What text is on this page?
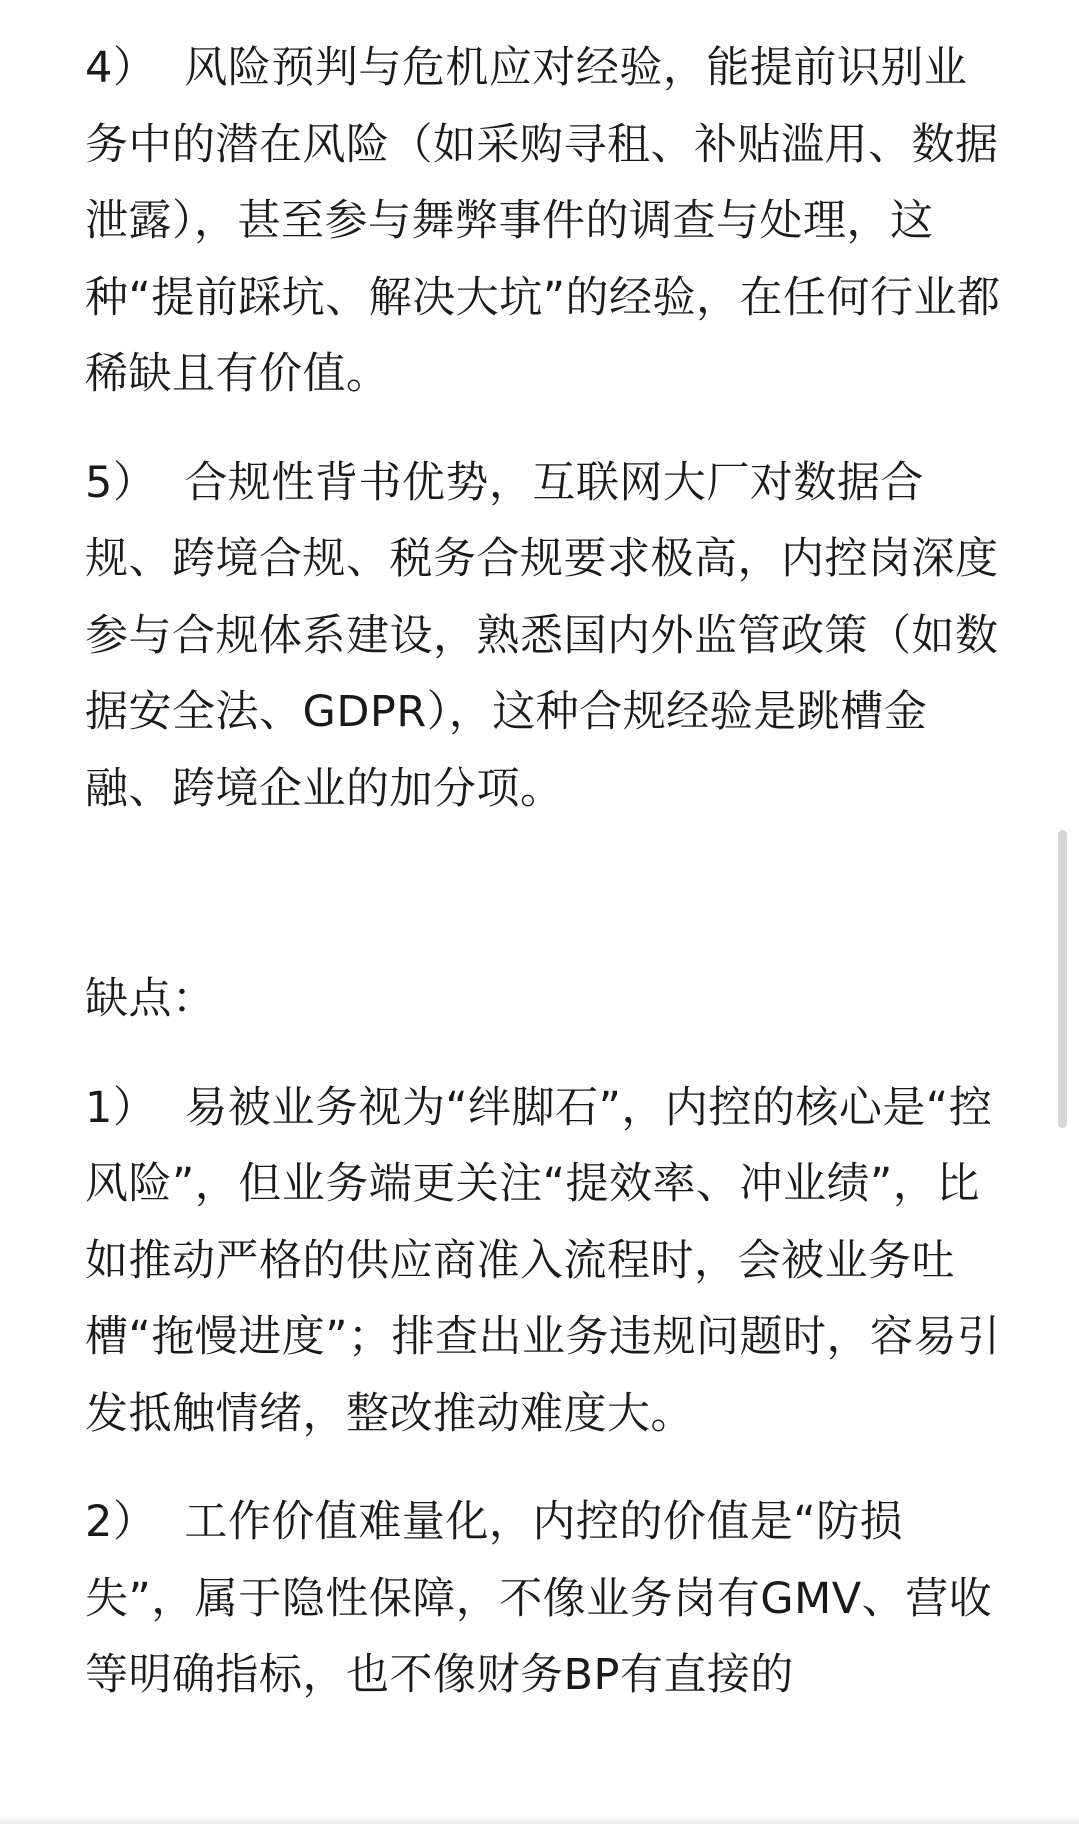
4） 风险预判与危机应对经验，能提前识别业务中的潜在风险（如采购寻租、补贴滥用、数据泄露），甚至参与舞弊事件的调查与处理，这种“提前踩坑、解决大坑”的经验，在任何行业都稀缺且有价值。

5） 合规性背书优势，互联网大厂对数据合规、跨境合规、税务合规要求极高，内控岗深度参与合规体系建设，熟悉国内外监管政策（如数据安全法、GDPR），这种合规经验是跳槽金融、跨境企业的加分项。

缺点：

1） 易被业务视为“绊脚石”，内控的核心是“控风险”，但业务端更关注“提效率、冲业绩”，比如推动严格的供应商准入流程时，会被业务吐槽“拖慢进度”；排查出业务违规问题时，容易引发抵触情绪，整改推动难度大。

2） 工作价值难量化，内控的价值是“防损失”，属于隐性保障，不像业务岗有GMV、营收等明确指标，也不像财务BP有直接的
